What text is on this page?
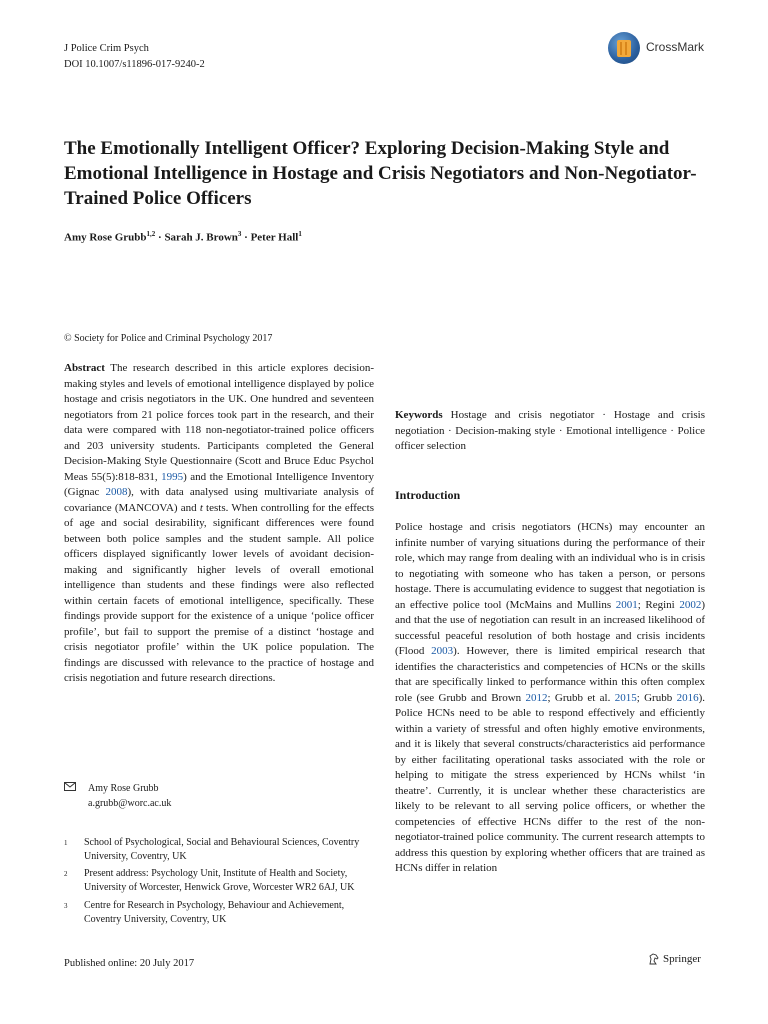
J Police Crim Psych
DOI 10.1007/s11896-017-9240-2
CrossMark
The Emotionally Intelligent Officer? Exploring Decision-Making Style and Emotional Intelligence in Hostage and Crisis Negotiators and Non-Negotiator-Trained Police Officers
Amy Rose Grubb$^{1,2}$ · Sarah J. Brown$^3$ · Peter Hall$^1$
© Society for Police and Criminal Psychology 2017
Abstract The research described in this article explores decision-making styles and levels of emotional intelligence displayed by police hostage and crisis negotiators in the UK. One hundred and seventeen negotiators from 21 police forces took part in the research, and their data were compared with 118 non-negotiator-trained police officers and 203 university students. Participants completed the General Decision-Making Style Questionnaire (Scott and Bruce Educ Psychol Meas 55(5):818-831, 1995) and the Emotional Intelligence Inventory (Gignac 2008), with data analysed using multivariate analysis of covariance (MANCOVA) and t tests. When controlling for the effects of age and social desirability, significant differences were found between both police samples and the student sample. All police officers displayed significantly lower levels of avoidant decision-making and significantly higher levels of overall emotional intelligence than students and these findings were also reflected within certain facets of emotional intelligence, specifically. These findings provide support for the existence of a unique ‘police officer profile’, but fail to support the premise of a distinct ‘hostage and crisis negotiator profile’ within the UK police population. The findings are discussed with relevance to the practice of hostage and crisis negotiation and future research directions.
Keywords Hostage and crisis negotiator · Hostage and crisis negotiation · Decision-making style · Emotional intelligence · Police officer selection
Introduction
Police hostage and crisis negotiators (HCNs) may encounter an infinite number of varying situations during the performance of their role, which may range from dealing with an individual who is in crisis to negotiating with someone who has taken a person, or persons hostage. There is accumulating evidence to suggest that negotiation is an effective police tool (McMains and Mullins 2001; Regini 2002) and that the use of negotiation can result in an increased likelihood of successful peaceful resolution of both hostage and crisis incidents (Flood 2003). However, there is limited empirical research that identifies the characteristics and competencies of HCNs or the skills that are specifically linked to performance within this often complex role (see Grubb and Brown 2012; Grubb et al. 2015; Grubb 2016). Police HCNs need to be able to respond effectively and efficiently within a variety of stressful and often highly emotive environments, and it is likely that several constructs/characteristics aid performance by either facilitating operational tasks associated with the role or helping to mitigate the stress experienced by HCNs whilst ‘in theatre’. Currently, it is unclear whether these characteristics are likely to be relevant to all serving police officers, or whether the competencies of effective HCNs differ to the rest of the non-negotiator-trained police community. The current research attempts to address this question by exploring whether officers that are trained as HCNs differ in relation
Amy Rose Grubb
a.grubb@worc.ac.uk
1 School of Psychological, Social and Behavioural Sciences, Coventry University, Coventry, UK
2 Present address: Psychology Unit, Institute of Health and Society, University of Worcester, Henwick Grove, Worcester WR2 6AJ, UK
3 Centre for Research in Psychology, Behaviour and Achievement, Coventry University, Coventry, UK
Published online: 20 July 2017	Springer
